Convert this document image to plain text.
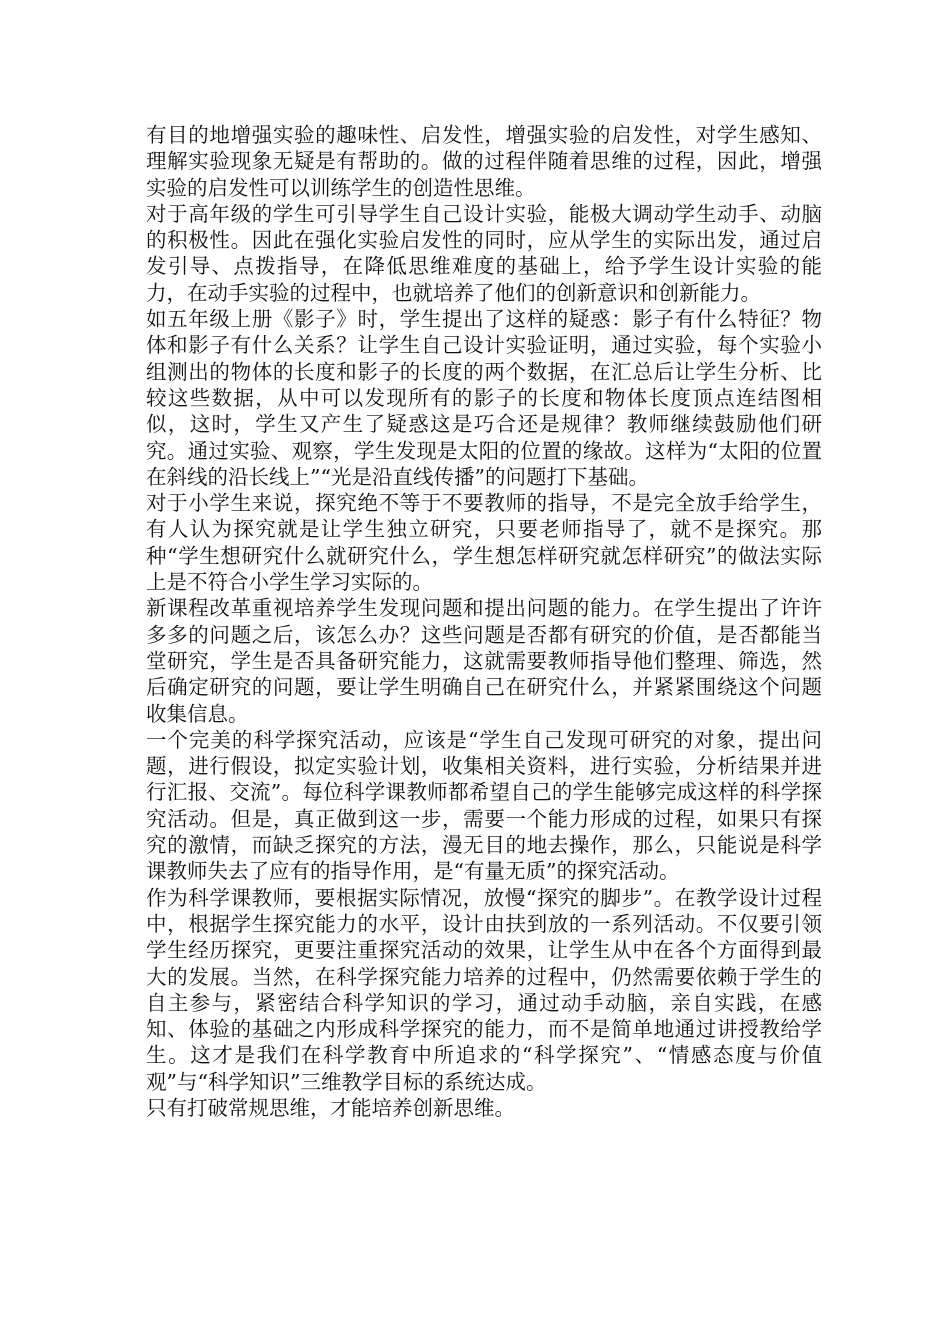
有目的地增强实验的趣味性、启发性，增强实验的启发性，对学生感知、理解实验现象无疑是有帮助的。做的过程伴随着思维的过程，因此，增强实验的启发性可以训练学生的创造性思维。

对于高年级的学生可引导学生自己设计实验，能极大调动学生动手、动脑的积极性。因此在强化实验启发性的同时，应从学生的实际出发，通过启发引导、点拨指导，在降低思维难度的基础上，给予学生设计实验的能力，在动手实验的过程中，也就培养了他们的创新意识和创新能力。

如五年级上册《影子》时，学生提出了这样的疑惑：影子有什么特征？物体和影子有什么关系？让学生自己设计实验证明，通过实验，每个实验小组测出的物体的长度和影子的长度的两个数据，在汇总后让学生分析、比较这些数据，从中可以发现所有的影子的长度和物体长度顶点连结图相似，这时，学生又产生了疑惑这是巧合还是规律？教师继续鼓励他们研究。通过实验、观察，学生发现是太阳的位置的缘故。这样为“太阳的位置在斜线的沿长线上”“光是沿直线传播”的问题打下基础。

对于小学生来说，探究绝不等于不要教师的指导，不是完全放手给学生，有人认为探究就是让学生独立研究，只要老师指导了，就不是探究。那种“学生想研究什么就研究什么，学生想怎样研究就怎样研究”的做法实际上是不符合小学生学习实际的。

新课程改革重视培养学生发现问题和提出问题的能力。在学生提出了许许多多的问题之后，该怎么办？这些问题是否都有研究的价值，是否都能当堂研究，学生是否具备研究能力，这就需要教师指导他们整理、筛选，然后确定研究的问题，要让学生明确自己在研究什么，并紧紧围绕这个问题收集信息。

一个完美的科学探究活动，应该是“学生自己发现可研究的对象，提出问题，进行假设，拟定实验计划，收集相关资料，进行实验，分析结果并进行汇报、交流”。每位科学课教师都希望自己的学生能够完成这样的科学探究活动。但是，真正做到这一步，需要一个能力形成的过程，如果只有探究的激情，而缺乏探究的方法，漫无目的地去操作，那么，只能说是科学课教师失去了应有的指导作用，是“有量无质”的探究活动。

作为科学课教师，要根据实际情况，放慢“探究的脚步”。在教学设计过程中，根据学生探究能力的水平，设计由扶到放的一系列活动。不仅要引领学生经历探究，更要注重探究活动的效果，让学生从中在各个方面得到最大的发展。当然，在科学探究能力培养的过程中，仍然需要依赖于学生的自主参与，紧密结合科学知识的学习，通过动手动脑，亲自实践，在感知、体验的基础之内形成科学探究的能力，而不是简单地通过讲授教给学生。这才是我们在科学教育中所追求的“科学探究”、“情感态度与价值观”与“科学知识”三维教学目标的系统达成。

只有打破常规思维，才能培养创新思维。
